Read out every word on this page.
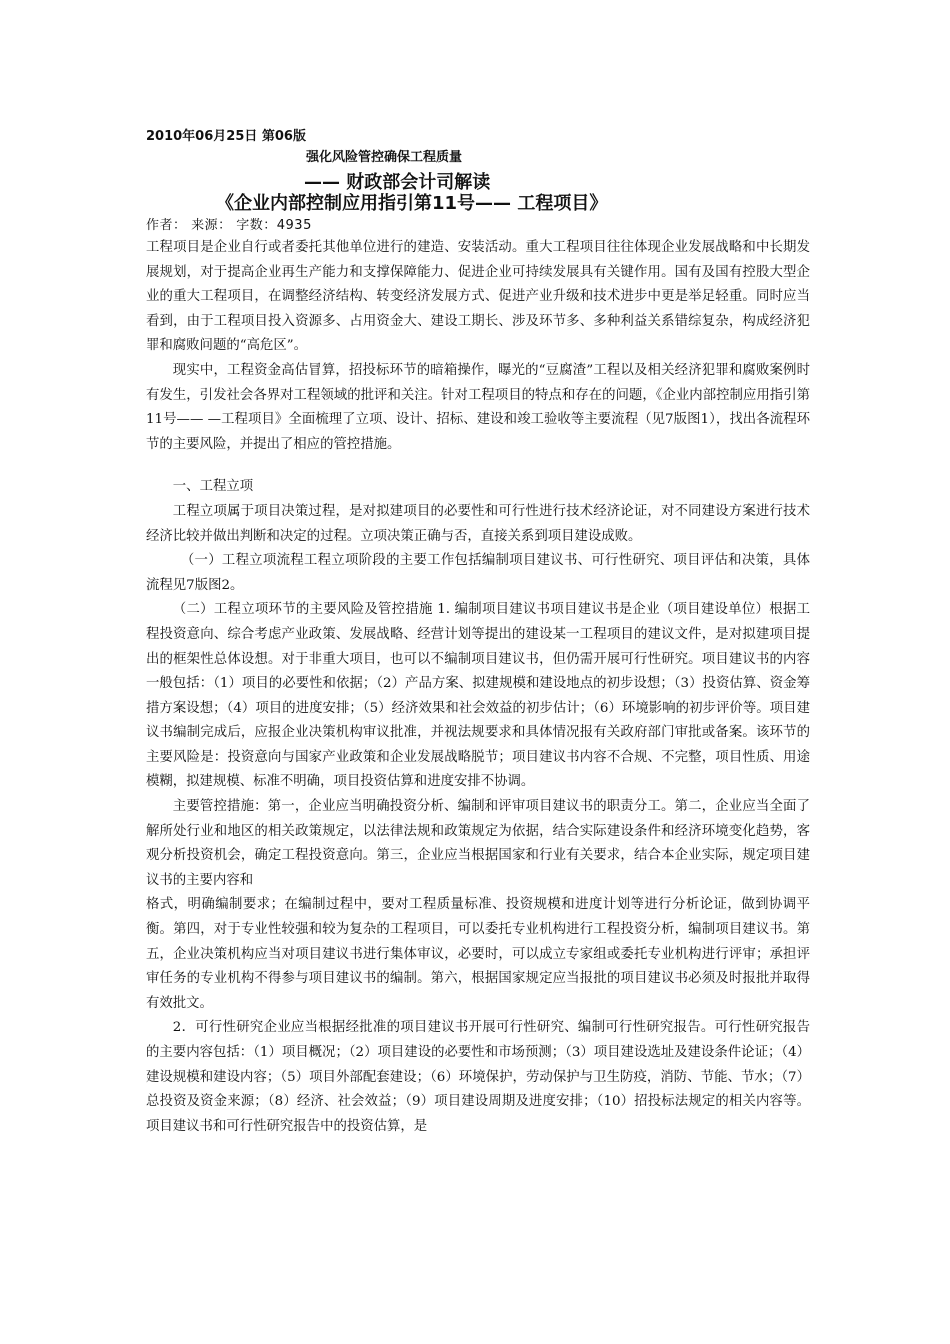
2010年06月25日 第06版

强化风险管控确保工程质量

—— 财政部会计司解读

《企业内部控制应用指引第11号—— 工程项目》

作者： 来源： 字数：4935

工程项目是企业自行或者委托其他单位进行的建造、安装活动。重大工程项目往往体现企业发展战略和中长期发展规划，对于提高企业再生产能力和支撑保障能力、促进企业可持续发展具有关键作用。国有及国有控股大型企业的重大工程项目，在调整经济结构、转变经济发展方式、促进产业升级和技术进步中更是举足轻重。同时应当看到，由于工程项目投入资源多、占用资金大、建设工期长、涉及环节多、多种利益关系错综复杂，构成经济犯罪和腐败问题的“高危区”。

现实中，工程资金高估冒算，招投标环节的暗箱操作，曝光的“豆腐渣”工程以及相关经济犯罪和腐败案例时有发生，引发社会各界对工程领域的批评和关注。针对工程项目的特点和存在的问题，《企业内部控制应用指引第11号—— —工程项目》全面梳理了立项、设计、招标、建设和竣工验收等主要流程（见7版图1），找出各流程环节的主要风险，并提出了相应的管控措施。

一、工程立项

工程立项属于项目决策过程，是对拟建项目的必要性和可行性进行技术经济论证，对不同建设方案进行技术经济比较并做出判断和决定的过程。立项决策正确与否，直接关系到项目建设成败。

（一）工程立项流程工程立项阶段的主要工作包括编制项目建议书、可行性研究、项目评估和决策，具体流程见7版图2。

（二）工程立项环节的主要风险及管控措施 1. 编制项目建议书项目建议书是企业（项目建设单位）根据工程投资意向、综合考虑产业政策、发展战略、经营计划等提出的建设某一工程项目的建议文件，是对拟建项目提出的框架性总体设想。对于非重大项目，也可以不编制项目建议书，但仍需开展可行性研究。项目建议书的内容一般包括：（1）项目的必要性和依据；（2）产品方案、拟建规模和建设地点的初步设想；（3）投资估算、资金筹措方案设想；（4）项目的进度安排；（5）经济效果和社会效益的初步估计；（6）环境影响的初步评价等。项目建议书编制完成后，应报企业决策机构审议批准，并视法规要求和具体情况报有关政府部门审批或备案。该环节的主要风险是：投资意向与国家产业政策和企业发展战略脱节；项目建议书内容不合规、不完整，项目性质、用途模糊，拟建规模、标准不明确，项目投资估算和进度安排不协调。

主要管控措施：第一，企业应当明确投资分析、编制和评审项目建议书的职责分工。第二，企业应当全面了解所处行业和地区的相关政策规定，以法律法规和政策规定为依据，结合实际建设条件和经济环境变化趋势，客观分析投资机会，确定工程投资意向。第三，企业应当根据国家和行业有关要求，结合本企业实际，规定项目建议书的主要内容和

格式，明确编制要求；在编制过程中，要对工程质量标准、投资规模和进度计划等进行分析论证，做到协调平衡。第四，对于专业性较强和较为复杂的工程项目，可以委托专业机构进行工程投资分析，编制项目建议书。第五，企业决策机构应当对项目建议书进行集体审议，必要时，可以成立专家组或委托专业机构进行评审；承担评审任务的专业机构不得参与项目建议书的编制。第六，根据国家规定应当报批的项目建议书必须及时报批并取得有效批文。

2．可行性研究企业应当根据经批准的项目建议书开展可行性研究、编制可行性研究报告。可行性研究报告的主要内容包括：（1）项目概况；（2）项目建设的必要性和市场预测；（3）项目建设选址及建设条件论证；（4）建设规模和建设内容；（5）项目外部配套建设；（6）环境保护，劳动保护与卫生防疫，消防、节能、节水；（7）总投资及资金来源；（8）经济、社会效益；（9）项目建设周期及进度安排；（10）招投标法规定的相关内容等。项目建议书和可行性研究报告中的投资估算，是
